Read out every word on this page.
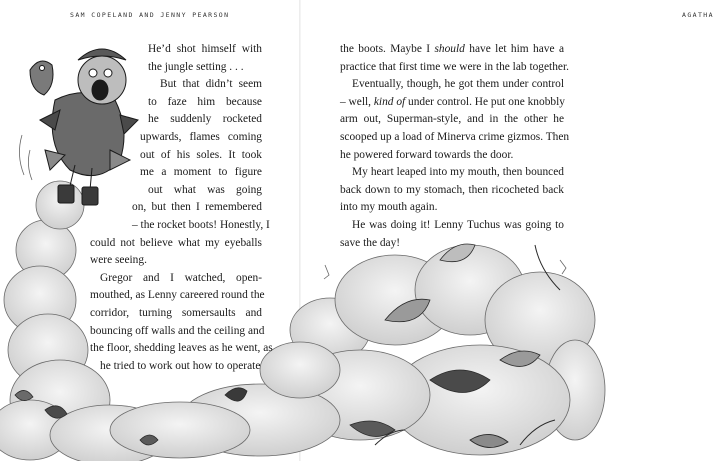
SAM COPELAND AND JENNY PEARSON	AGATHA
He’d shot himself with
the jungle setting . . .
But that didn’t seem
to faze him because
he suddenly rocketed
upwards, flames coming
out of his soles. It took
me a moment to figure
out what was going
on, but then I remembered
– the rocket boots! Honestly, I
could not believe what my eyeballs
were seeing.
Gregor and I watched, open-
mouthed, as Lenny careered round the
corridor, turning somersaults and
bouncing off walls and the ceiling and
the floor, shedding leaves as he went, as
he tried to work out how to operate
the boots. Maybe I should have let him have a
practice that first time we were in the lab together.
Eventually, though, he got them under control
– well, kind of under control. He put one knobbly
arm out, Superman-style, and in the other he
scooped up a load of Minerva crime gizmos. Then
he powered forward towards the door.
My heart leaped into my mouth, then bounced
back down to my stomach, then ricocheted back
into my mouth again.
He was doing it! Lenny Tuchus was going to
save the day!
